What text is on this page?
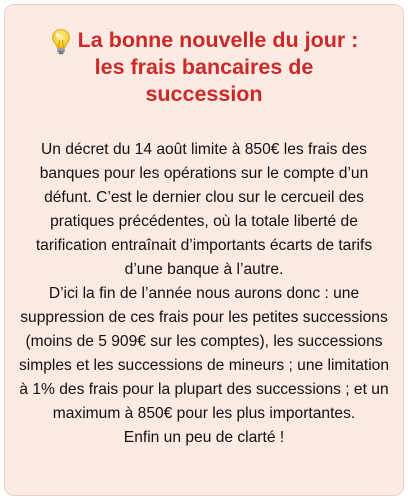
La bonne nouvelle du jour :
les frais bancaires de
succession

Un décret du 14 août limite à 850€ les frais des banques pour les opérations sur le compte d’un défunt. C’est le dernier clou sur le cercueil des pratiques précédentes, où la totale liberté de tarification entraînait d’importants écarts de tarifs d’une banque à l’autre.

D’ici la fin de l’année nous aurons donc : une suppression de ces frais pour les petites successions (moins de 5 909€ sur les comptes), les successions simples et les successions de mineurs ; une limitation à 1% des frais pour la plupart des successions ; et un maximum à 850€ pour les plus importantes.

Enfin un peu de clarté !
